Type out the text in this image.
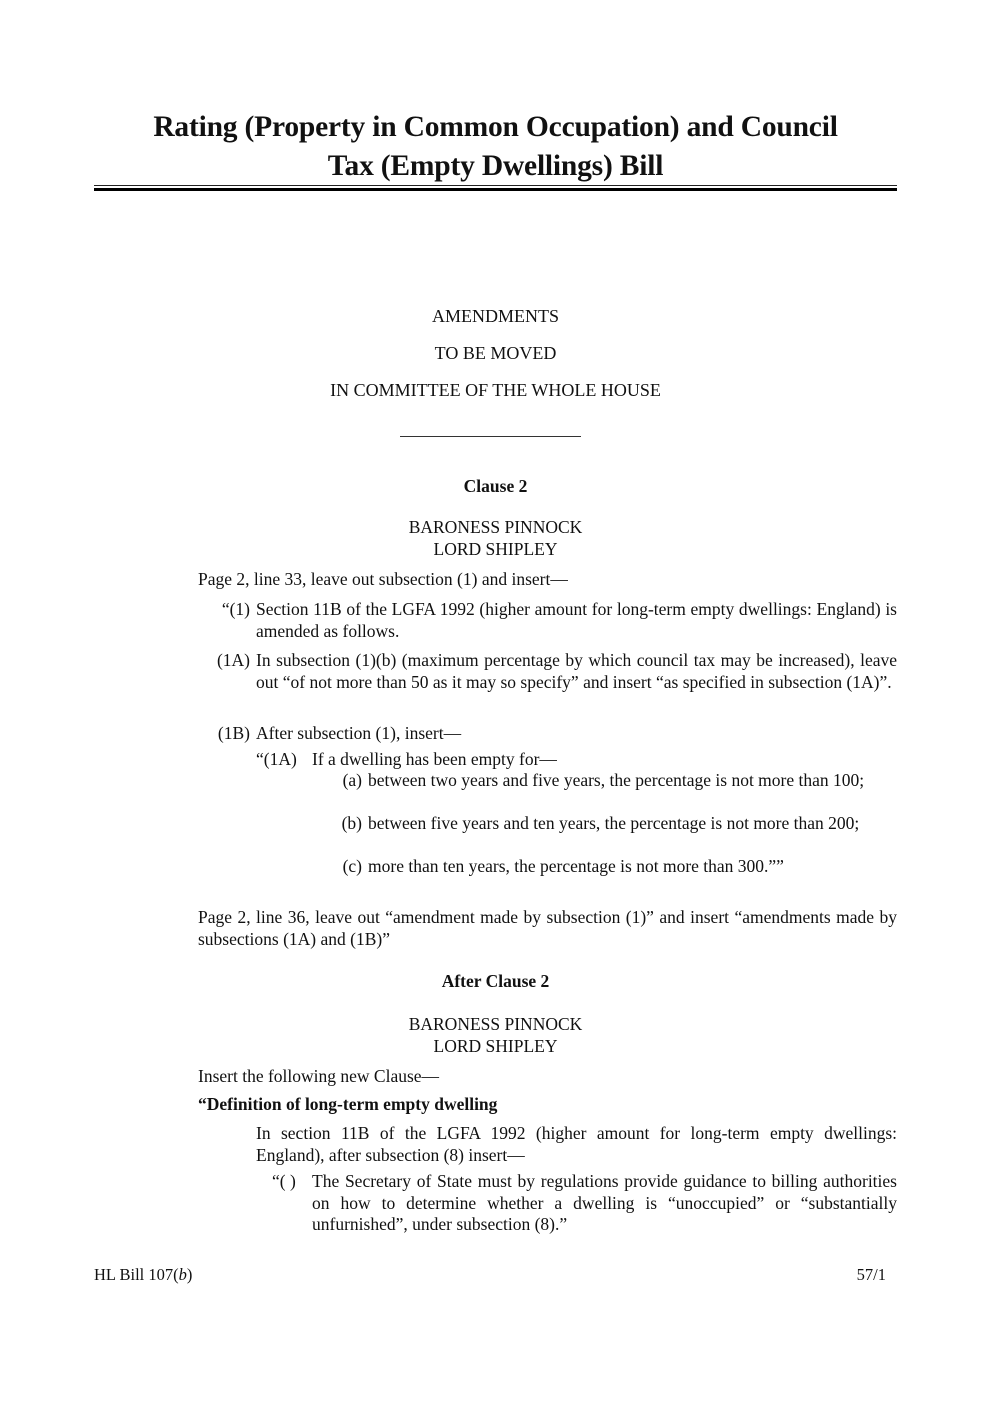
Rating (Property in Common Occupation) and Council
Tax (Empty Dwellings) Bill
AMENDMENTS
TO BE MOVED
IN COMMITTEE OF THE WHOLE HOUSE
Clause 2
BARONESS PINNOCK
LORD SHIPLEY
Page 2, line 33, leave out subsection (1) and insert—
“(1) Section 11B of the LGFA 1992 (higher amount for long-term empty dwellings: England) is amended as follows.
(1A) In subsection (1)(b) (maximum percentage by which council tax may be increased), leave out “of not more than 50 as it may so specify” and insert “as specified in subsection (1A)”.
(1B) After subsection (1), insert—
“(1A) If a dwelling has been empty for—
(a) between two years and five years, the percentage is not more than 100;
(b) between five years and ten years, the percentage is not more than 200;
(c) more than ten years, the percentage is not more than 300.””
Page 2, line 36, leave out “amendment made by subsection (1)” and insert “amendments made by subsections (1A) and (1B)”
After Clause 2
BARONESS PINNOCK
LORD SHIPLEY
Insert the following new Clause—
“Definition of long-term empty dwelling
In section 11B of the LGFA 1992 (higher amount for long-term empty dwellings: England), after subsection (8) insert—
“( ) The Secretary of State must by regulations provide guidance to billing authorities on how to determine whether a dwelling is “unoccupied” or “substantially unfurnished”, under subsection (8).”
HL Bill 107(b)	57/1
